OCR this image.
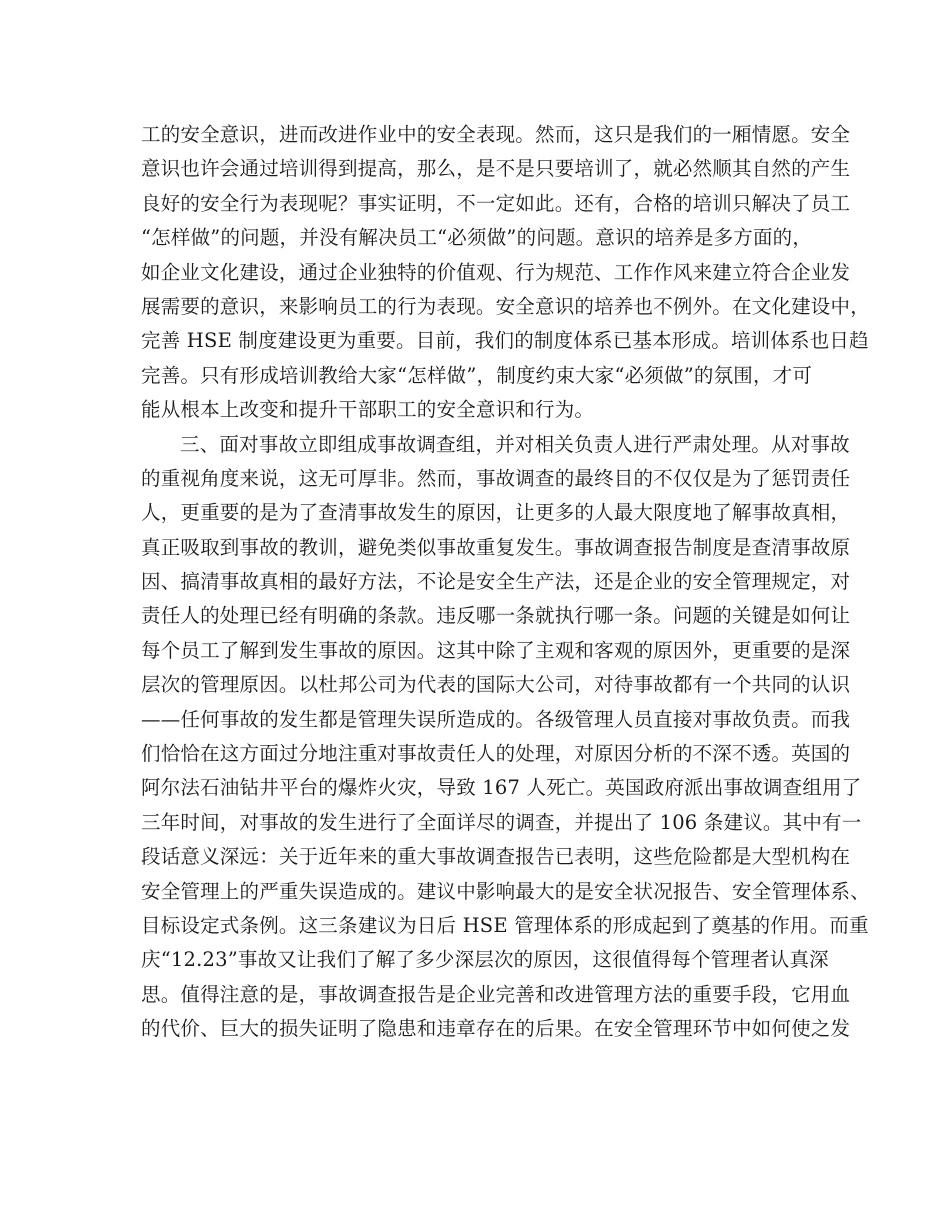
工的安全意识，进而改进作业中的安全表现。然而，这只是我们的一厢情愿。安全
意识也许会通过培训得到提高，那么，是不是只要培训了，就必然顺其自然的产生
良好的安全行为表现呢？事实证明，不一定如此。还有，合格的培训只解决了员工
“怎样做”的问题，并没有解决员工“必须做”的问题。意识的培养是多方面的，
如企业文化建设，通过企业独特的价值观、行为规范、工作作风来建立符合企业发
展需要的意识，来影响员工的行为表现。安全意识的培养也不例外。在文化建设中，
完善 HSE 制度建设更为重要。目前，我们的制度体系已基本形成。培训体系也日趋
完善。只有形成培训教给大家“怎样做”，制度约束大家“必须做”的氛围，才可
能从根本上改变和提升干部职工的安全意识和行为。
三、面对事故立即组成事故调查组，并对相关负责人进行严肃处理。从对事故
的重视角度来说，这无可厚非。然而，事故调查的最终目的不仅仅是为了惩罚责任
人，更重要的是为了查清事故发生的原因，让更多的人最大限度地了解事故真相，
真正吸取到事故的教训，避免类似事故重复发生。事故调查报告制度是查清事故原
因、搞清事故真相的最好方法，不论是安全生产法，还是企业的安全管理规定，对
责任人的处理已经有明确的条款。违反哪一条就执行哪一条。问题的关键是如何让
每个员工了解到发生事故的原因。这其中除了主观和客观的原因外，更重要的是深
层次的管理原因。以杜邦公司为代表的国际大公司，对待事故都有一个共同的认识
——任何事故的发生都是管理失误所造成的。各级管理人员直接对事故负责。而我
们恰恰在这方面过分地注重对事故责任人的处理，对原因分析的不深不透。英国的
阿尔法石油钻井平台的爆炸火灾，导致 167 人死亡。英国政府派出事故调查组用了
三年时间，对事故的发生进行了全面详尽的调查，并提出了 106 条建议。其中有一
段话意义深远：关于近年来的重大事故调查报告已表明，这些危险都是大型机构在
安全管理上的严重失误造成的。建议中影响最大的是安全状况报告、安全管理体系、
目标设定式条例。这三条建议为日后 HSE 管理体系的形成起到了奠基的作用。而重
庆“12.23”事故又让我们了解了多少深层次的原因，这很值得每个管理者认真深
思。值得注意的是，事故调查报告是企业完善和改进管理方法的重要手段，它用血
的代价、巨大的损失证明了隐患和违章存在的后果。在安全管理环节中如何使之发
